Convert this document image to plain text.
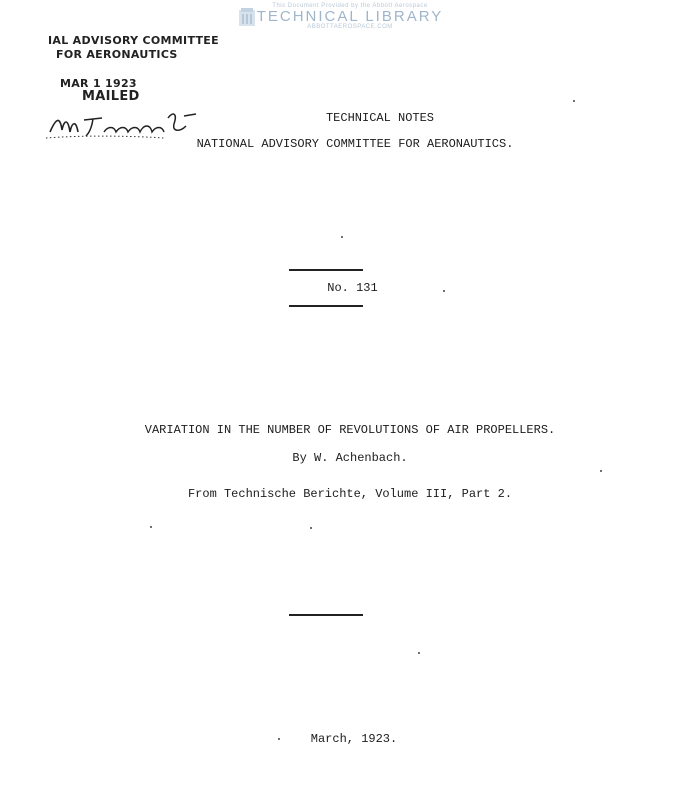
This Document Provided by the Abbott Aerospace
TECHNICAL LIBRARY
ABBOTTAEROSPACE.COM
IAL ADVISORY COMMITTEE
FOR AERONAUTICS
MAR 1 1923
MAILED
TECHNICAL NOTES
NATIONAL ADVISORY COMMITTEE FOR AERONAUTICS.
No. 131
VARIATION IN THE NUMBER OF REVOLUTIONS OF AIR PROPELLERS.
By W. Achenbach.
From Technische Berichte, Volume III, Part 2.
March, 1923.
